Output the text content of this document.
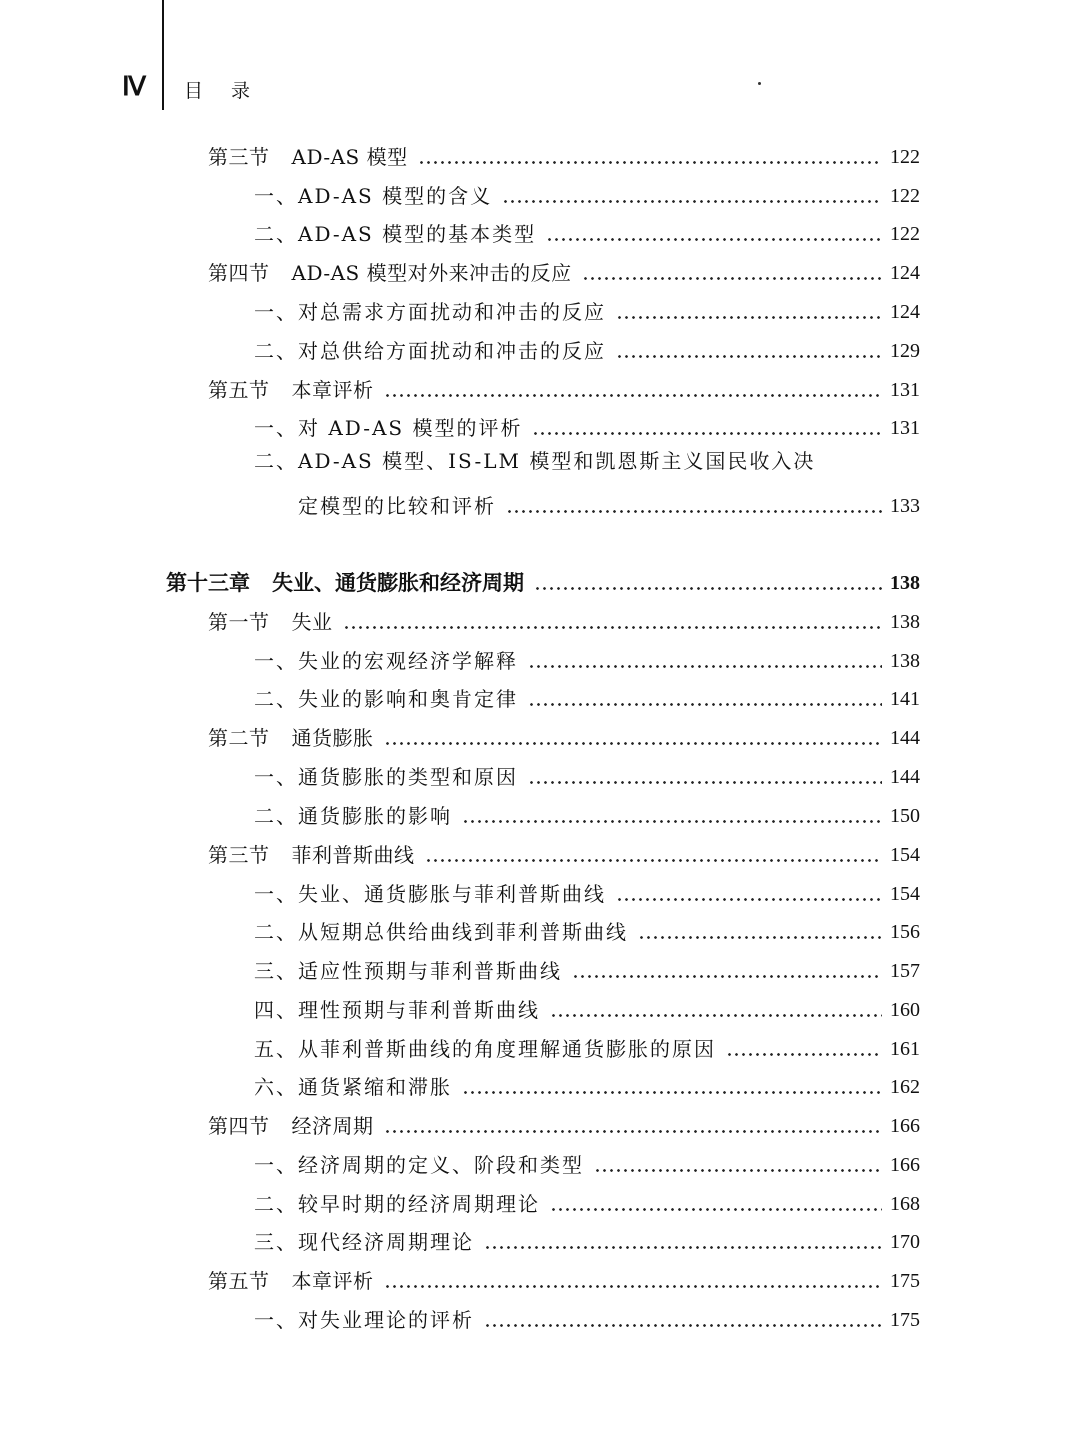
Ⅳ 目录
第三节 AD-AS 模型	122
一、AD-AS 模型的含义	122
二、AD-AS 模型的基本类型	122
第四节 AD-AS 模型对外来冲击的反应	124
一、对总需求方面扰动和冲击的反应	124
二、对总供给方面扰动和冲击的反应	129
第五节 本章评析	131
一、对 AD-AS 模型的评析	131
二、AD-AS 模型、IS-LM 模型和凯恩斯主义国民收入决
定模型的比较和评析	133
第十三章 失业、通货膨胀和经济周期	138
第一节 失业	138
一、失业的宏观经济学解释	138
二、失业的影响和奥肯定律	141
第二节 通货膨胀	144
一、通货膨胀的类型和原因	144
二、通货膨胀的影响	150
第三节 菲利普斯曲线	154
一、失业、通货膨胀与菲利普斯曲线	154
二、从短期总供给曲线到菲利普斯曲线	156
三、适应性预期与菲利普斯曲线	157
四、理性预期与菲利普斯曲线	160
五、从菲利普斯曲线的角度理解通货膨胀的原因	161
六、通货紧缩和滞胀	162
第四节 经济周期	166
一、经济周期的定义、阶段和类型	166
二、较早时期的经济周期理论	168
三、现代经济周期理论	170
第五节 本章评析	175
一、对失业理论的评析	175
